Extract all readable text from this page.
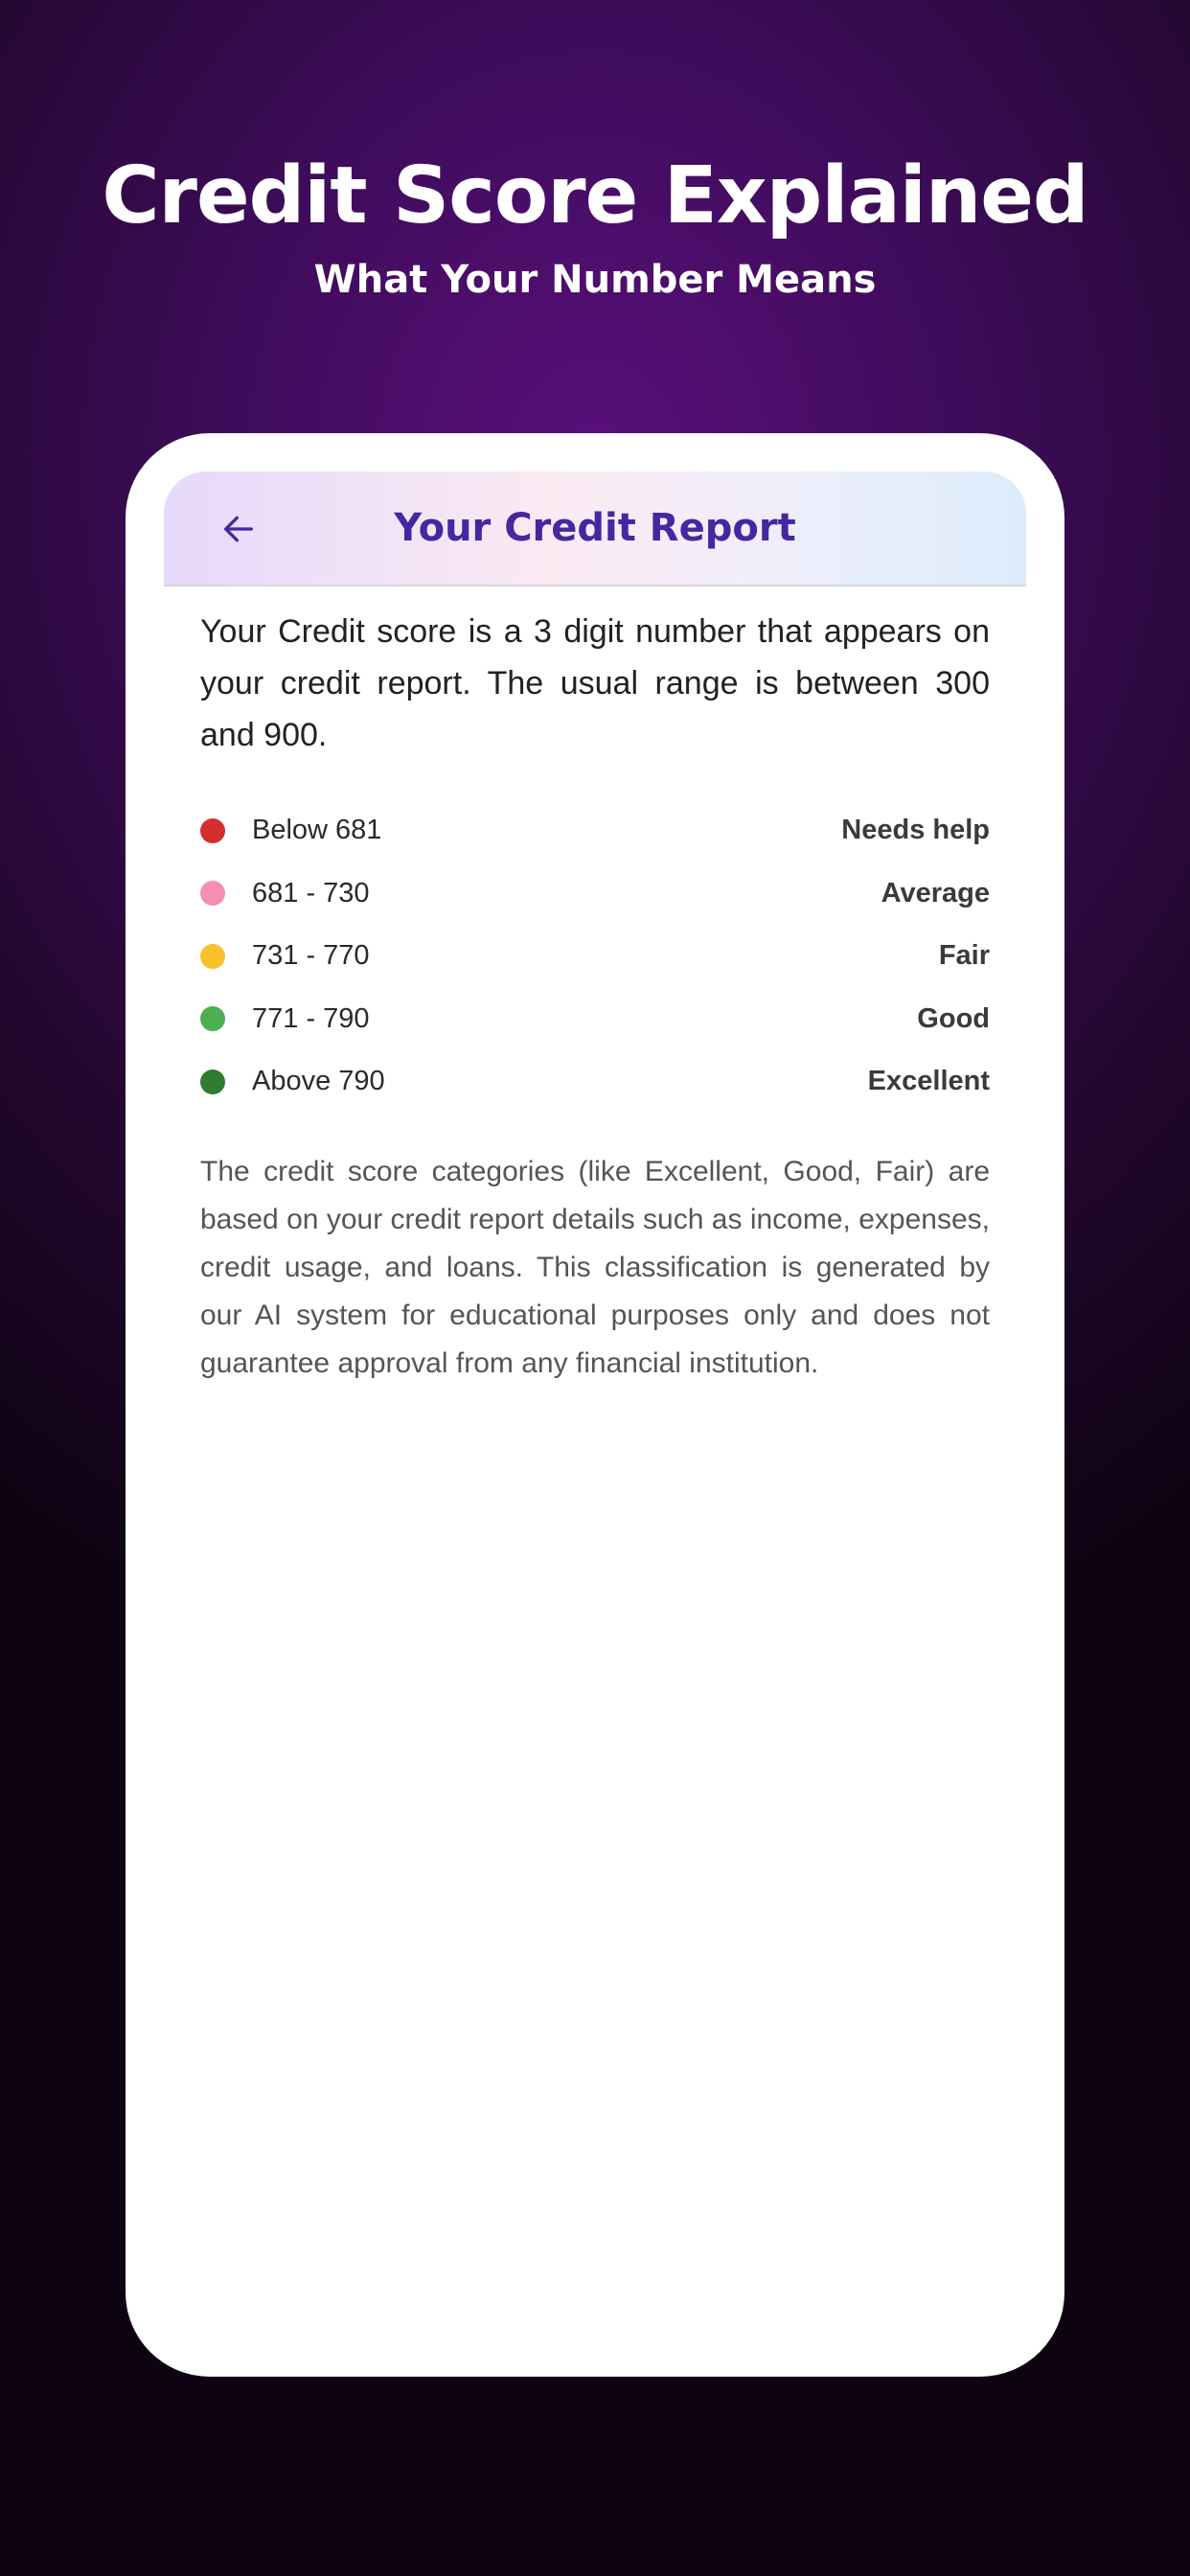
Credit Score Explained
What Your Number Means
Your Credit Report

Your Credit score is a 3 digit number that appears on your credit report. The usual range is between 300 and 900.

Below 681	Needs help
681 - 730	Average
731 - 770	Fair
771 - 790	Good
Above 790	Excellent

The credit score categories (like Excellent, Good, Fair) are based on your credit report details such as income, expenses, credit usage, and loans. This classification is generated by our AI system for educational purposes only and does not guarantee approval from any financial institution.
